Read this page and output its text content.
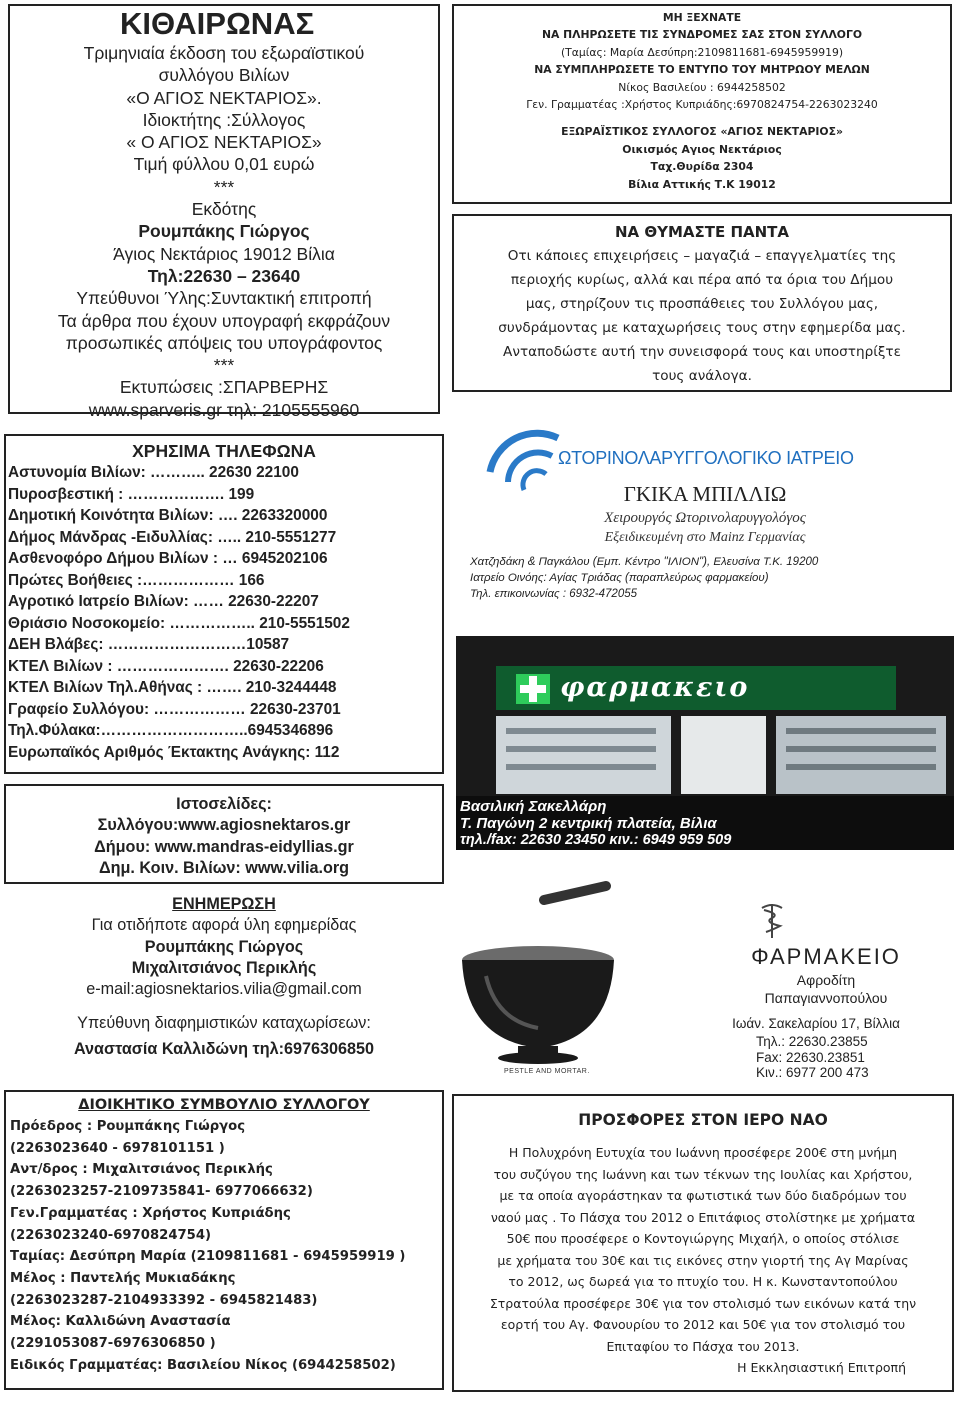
ΚΙΘΑΙΡΩΝΑΣ
Τριμηνιαία έκδοση του εξωραϊστικού
συλλόγου Βιλίων
«Ο ΑΓΙΟΣ ΝΕΚΤΑΡΙΟΣ».
Ιδιοκτήτης :Σύλλογος
« Ο ΑΓΙΟΣ ΝΕΚΤΑΡΙΟΣ»
Τιμή φύλλου 0,01 ευρώ
***
Εκδότης
Ρουμπάκης Γιώργος
Άγιος Νεκτάριος 19012 Βίλια
Τηλ:22630 – 23640
Υπεύθυνοι Ύλης:Συντακτική επιτροπή
Τα άρθρα που έχουν υπογραφή εκφράζουν
προσωπικές απόψεις του υπογράφοντος
***
Εκτυπώσεις :ΣΠΑΡΒΕΡΗΣ
www.sparveris.gr τηλ: 2105555960
ΜΗ ΞΕΧΝΑΤΕ
ΝΑ ΠΛΗΡΩΣΕΤΕ ΤΙΣ ΣΥΝΔΡΟΜΕΣ ΣΑΣ ΣΤΟΝ ΣΥΛΛΟΓΟ
(Ταμίας: Μαρία Δεσύπρη:2109811681-6945959919)
ΝΑ ΣΥΜΠΛΗΡΩΣΕΤΕ ΤΟ ΕΝΤΥΠΟ ΤΟΥ ΜΗΤΡΩΟΥ ΜΕΛΩΝ
Νίκος Βασιλείου : 6944258502
Γεν. Γραμματέας :Χρήστος Κυπριάδης:6970824754-2263023240
ΕΞΩΡΑΪΣΤΙΚΟΣ ΣΥΛΛΟΓΟΣ «ΑΓΙΟΣ ΝΕΚΤΑΡΙΟΣ»
Οικισμός Αγιος Νεκτάριος
Ταχ.Θυρίδα 2304
Βίλια Αττικής Τ.Κ 19012
ΝΑ ΘΥΜΑΣΤΕ ΠΑΝΤΑ
Οτι κάποιες επιχειρήσεις – μαγαζιά – επαγγελματίες της
περιοχής κυρίως, αλλά και πέρα από τα όρια του Δήμου
μας, στηρίζουν τις προσπάθειες του Συλλόγου μας,
συνδράμοντας με καταχωρήσεις τους στην εφημερίδα μας.
Ανταποδώστε αυτή την συνεισφορά τους και υποστηρίξτε
τους ανάλογα.
ΧΡΗΣΙΜΑ ΤΗΛΕΦΩΝΑ
Αστυνομία Βιλίων: ……….. 22630 22100
Πυροσβεστική : ………………. 199
Δημοτική Κοινότητα Βιλίων: …. 2263320000
Δήμος Μάνδρας -Ειδυλλίας: ….. 210-5551277
Ασθενοφόρο Δήμου Βιλίων : … 6945202106
Πρώτες Βοήθειες :……………… 166
Αγροτικό Ιατρείο Βιλίων: …… 22630-22207
Θριάσιο Νοσοκομείο: …………….. 210-5551502
ΔΕΗ Βλάβες: ………………………10587
ΚΤΕΛ Βιλίων : …………………. 22630-22206
ΚΤΕΛ Βιλίων Τηλ.Αθήνας : ……. 210-3244448
Γραφείο Συλλόγου: ……………… 22630-23701
Τηλ.Φύλακα:………………………..6945346896
Ευρωπαϊκός Αριθμός Έκτακτης Ανάγκης: 112
Ιστοσελίδες:
Συλλόγου:www.agiosnektaros.gr
Δήμου: www.mandras-eidyllias.gr
Δημ. Κοιν. Βιλίων: www.vilia.org
ΕΝΗΜΕΡΩΣΗ
Για οτιδήποτε αφορά ύλη εφημερίδας
Ρουμπάκης Γιώργος
Μιχαλιτσιάνος Περικλής
e-mail:agiosnektarios.vilia@gmail.com
Υπεύθυνη διαφημιστικών καταχωρίσεων:
Αναστασία Καλλιδώνη τηλ:6976306850
ΔΙΟΙΚΗΤΙΚΟ ΣΥΜΒΟΥΛΙΟ ΣΥΛΛΟΓΟΥ
Πρόεδρος : Ρουμπάκης Γιώργος
(2263023640 - 6978101151 )
Αντ/δρος : Μιχαλιτσιάνος Περικλής
(2263023257-2109735841- 6977066632)
Γεν.Γραμματέας : Χρήστος Κυπριάδης
(2263023240-6970824754)
Ταμίας: Δεσύπρη Μαρία (2109811681 - 6945959919 )
Μέλος : Παντελής Μυκιαδάκης
(2263023287-2104933392 - 6945821483)
Μέλος: Καλλιδώνη Αναστασία
(2291053087-6976306850 )
Ειδικός Γραμματέας: Βασιλείου Νίκος (6944258502)
ΩΤΟΡΙΝΟΛΑΡΥΓΓΟΛΟΓΙΚΟ ΙΑΤΡΕΙΟ
ΓΚΙΚΑ ΜΠΙΛΛΙΩ
Χειρουργός Ωτορινολαρυγγολόγος
Εξειδικευμένη στο Mainz Γερμανίας
Χατζηδάκη & Παγκάλου (Εμπ. Κέντρο "ΙΛΙΟΝ"), Ελευσίνα Τ.Κ. 19200
Ιατρείο Οινόης: Αγίας Τριάδας (παραπλεύρως φαρμακείου)
Τηλ. επικοινωνίας : 6932-472055
φαρμακειο
Βασιλική Σακελλάρη
Τ. Παγώνη 2 κεντρική πλατεία, Βίλια
τηλ./fax: 22630 23450 κιν.: 6949 959 509
PESTLE AND MORTAR.
ΦΑΡΜΑΚΕΙΟ
Αφροδίτη
Παπαγιαννοπούλου
Ιωάν. Σακελαρίου 17, Βίλλια
Τηλ.: 22630.23855
Fax: 22630.23851
Κιν.: 6977 200 473
ΠΡΟΣΦΟΡΕΣ ΣΤΟΝ ΙΕΡΟ ΝΑΟ
Η Πολυχρόνη Ευτυχία του Ιωάννη προσέφερε 200€ στη μνήμη
του συζύγου της Ιωάννη και των τέκνων της Ιουλίας και Χρήστου,
με τα οποία αγοράστηκαν τα φωτιστικά των δύο διαδρόμων του
ναού μας . Το Πάσχα του 2012 ο Επιτάφιος στολίστηκε με χρήματα
50€ που προσέφερε ο Κοντογιώργης Μιχαήλ, ο οποίος στόλισε
με χρήματα του 30€ και τις εικόνες στην γιορτή της Αγ Μαρίνας
το 2012, ως δωρεά για το πτυχίο του. Η κ. Κωνσταντοπούλου
Στρατούλα προσέφερε 30€ για τον στολισμό των εικόνων κατά την
εορτή του Αγ. Φανουρίου το 2012 και 50€ για τον στολισμό του
Επιταφίου το Πάσχα του 2013.
Η Εκκλησιαστική Επιτροπή
